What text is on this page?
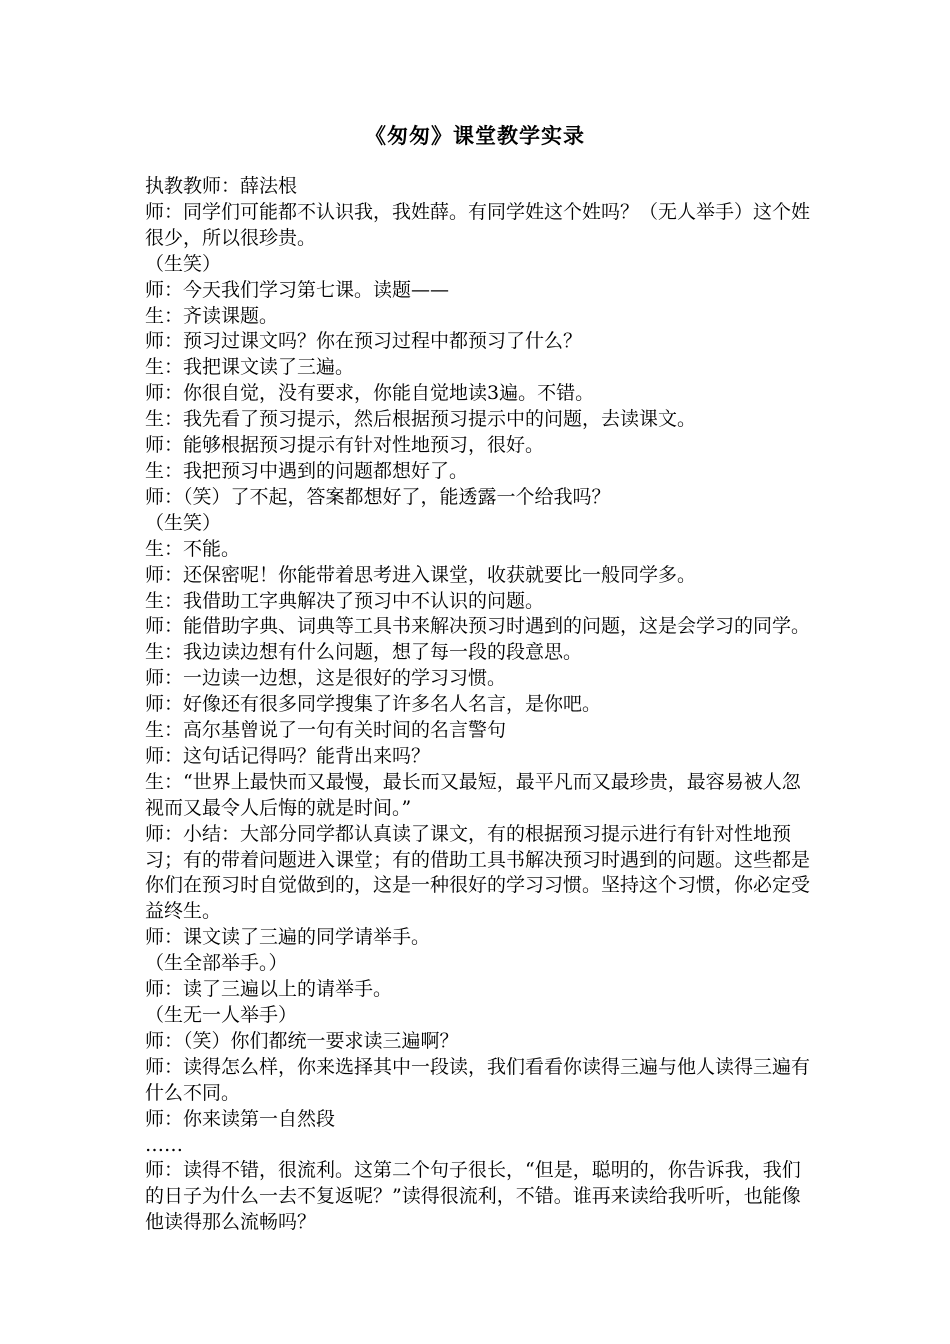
《匆匆》课堂教学实录

执教教师：薛法根

师：同学们可能都不认识我，我姓薛。有同学姓这个姓吗？（无人举手）这个姓很少，所以很珍贵。

（生笑）

师：今天我们学习第七课。读题——

生：齐读课题。

师：预习过课文吗？你在预习过程中都预习了什么？

生：我把课文读了三遍。

师：你很自觉，没有要求，你能自觉地读3遍。不错。

生：我先看了预习提示，然后根据预习提示中的问题，去读课文。

师：能够根据预习提示有针对性地预习，很好。

生：我把预习中遇到的问题都想好了。

师：（笑）了不起，答案都想好了，能透露一个给我吗？

（生笑）

生：不能。

师：还保密呢！你能带着思考进入课堂，收获就要比一般同学多。

生：我借助工字典解决了预习中不认识的问题。

师：能借助字典、词典等工具书来解决预习时遇到的问题，这是会学习的同学。

生：我边读边想有什么问题，想了每一段的段意思。

师：一边读一边想，这是很好的学习习惯。

师：好像还有很多同学搜集了许多名人名言，是你吧。

生：高尔基曾说了一句有关时间的名言警句

师：这句话记得吗？能背出来吗？

生：“世界上最快而又最慢，最长而又最短，最平凡而又最珍贵，最容易被人忽视而又最令人后悔的就是时间。”

师：小结：大部分同学都认真读了课文，有的根据预习提示进行有针对性地预习；有的带着问题进入课堂；有的借助工具书解决预习时遇到的问题。这些都是你们在预习时自觉做到的，这是一种很好的学习习惯。坚持这个习惯，你必定受益终生。

师：课文读了三遍的同学请举手。

（生全部举手。）

师：读了三遍以上的请举手。

（生无一人举手）

师：（笑）你们都统一要求读三遍啊？

师：读得怎么样，你来选择其中一段读，我们看看你读得三遍与他人读得三遍有什么不同。

师：你来读第一自然段

……

师：读得不错，很流利。这第二个句子很长，“但是，聪明的，你告诉我，我们的日子为什么一去不复返呢？”读得很流利，不错。谁再来读给我听听，也能像他读得那么流畅吗？
